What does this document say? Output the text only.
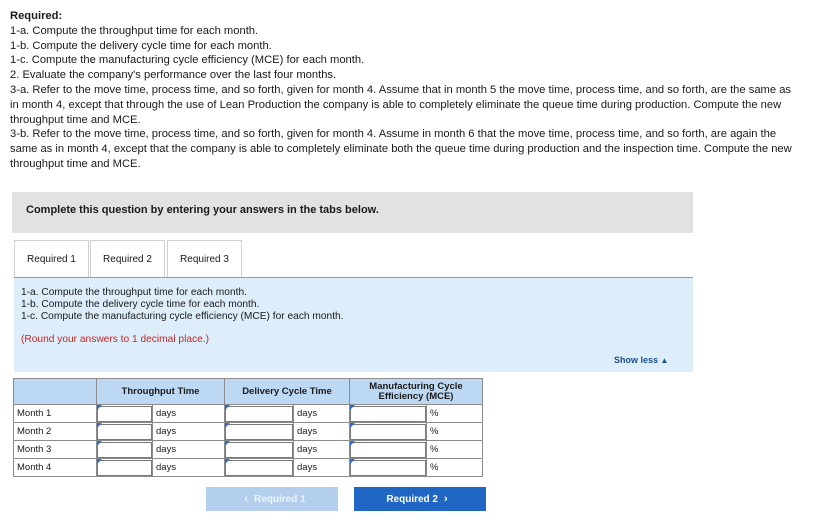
Required:

1-a. Compute the throughput time for each month.

1-b. Compute the delivery cycle time for each month.

1-c. Compute the manufacturing cycle efficiency (MCE) for each month.

2. Evaluate the company's performance over the last four months.

3-a. Refer to the move time, process time, and so forth, given for month 4. Assume that in month 5 the move time, process time, and so forth, are the same as in month 4, except that through the use of Lean Production the company is able to completely eliminate the queue time during production. Compute the new throughput time and MCE.

3-b. Refer to the move time, process time, and so forth, given for month 4. Assume in month 6 that the move time, process time, and so forth, are again the same as in month 4, except that the company is able to completely eliminate both the queue time during production and the inspection time. Compute the new throughput time and MCE.

Complete this question by entering your answers in the tabs below.
Required 1	Required 2	Required 3

1-a. Compute the throughput time for each month.

1-b. Compute the delivery cycle time for each month.

1-c. Compute the manufacturing cycle efficiency (MCE) for each month.

(Round your answers to 1 decimal place.)
Show less ▲
	Throughput Time		Delivery Cycle Time		Manufacturing Cycle Efficiency (MCE)	
Month 1		days		days		%
Month 2		days		days		%
Month 3		days		days		%
Month 4		days		days		%
‹ Required 1	Required 2 ›
